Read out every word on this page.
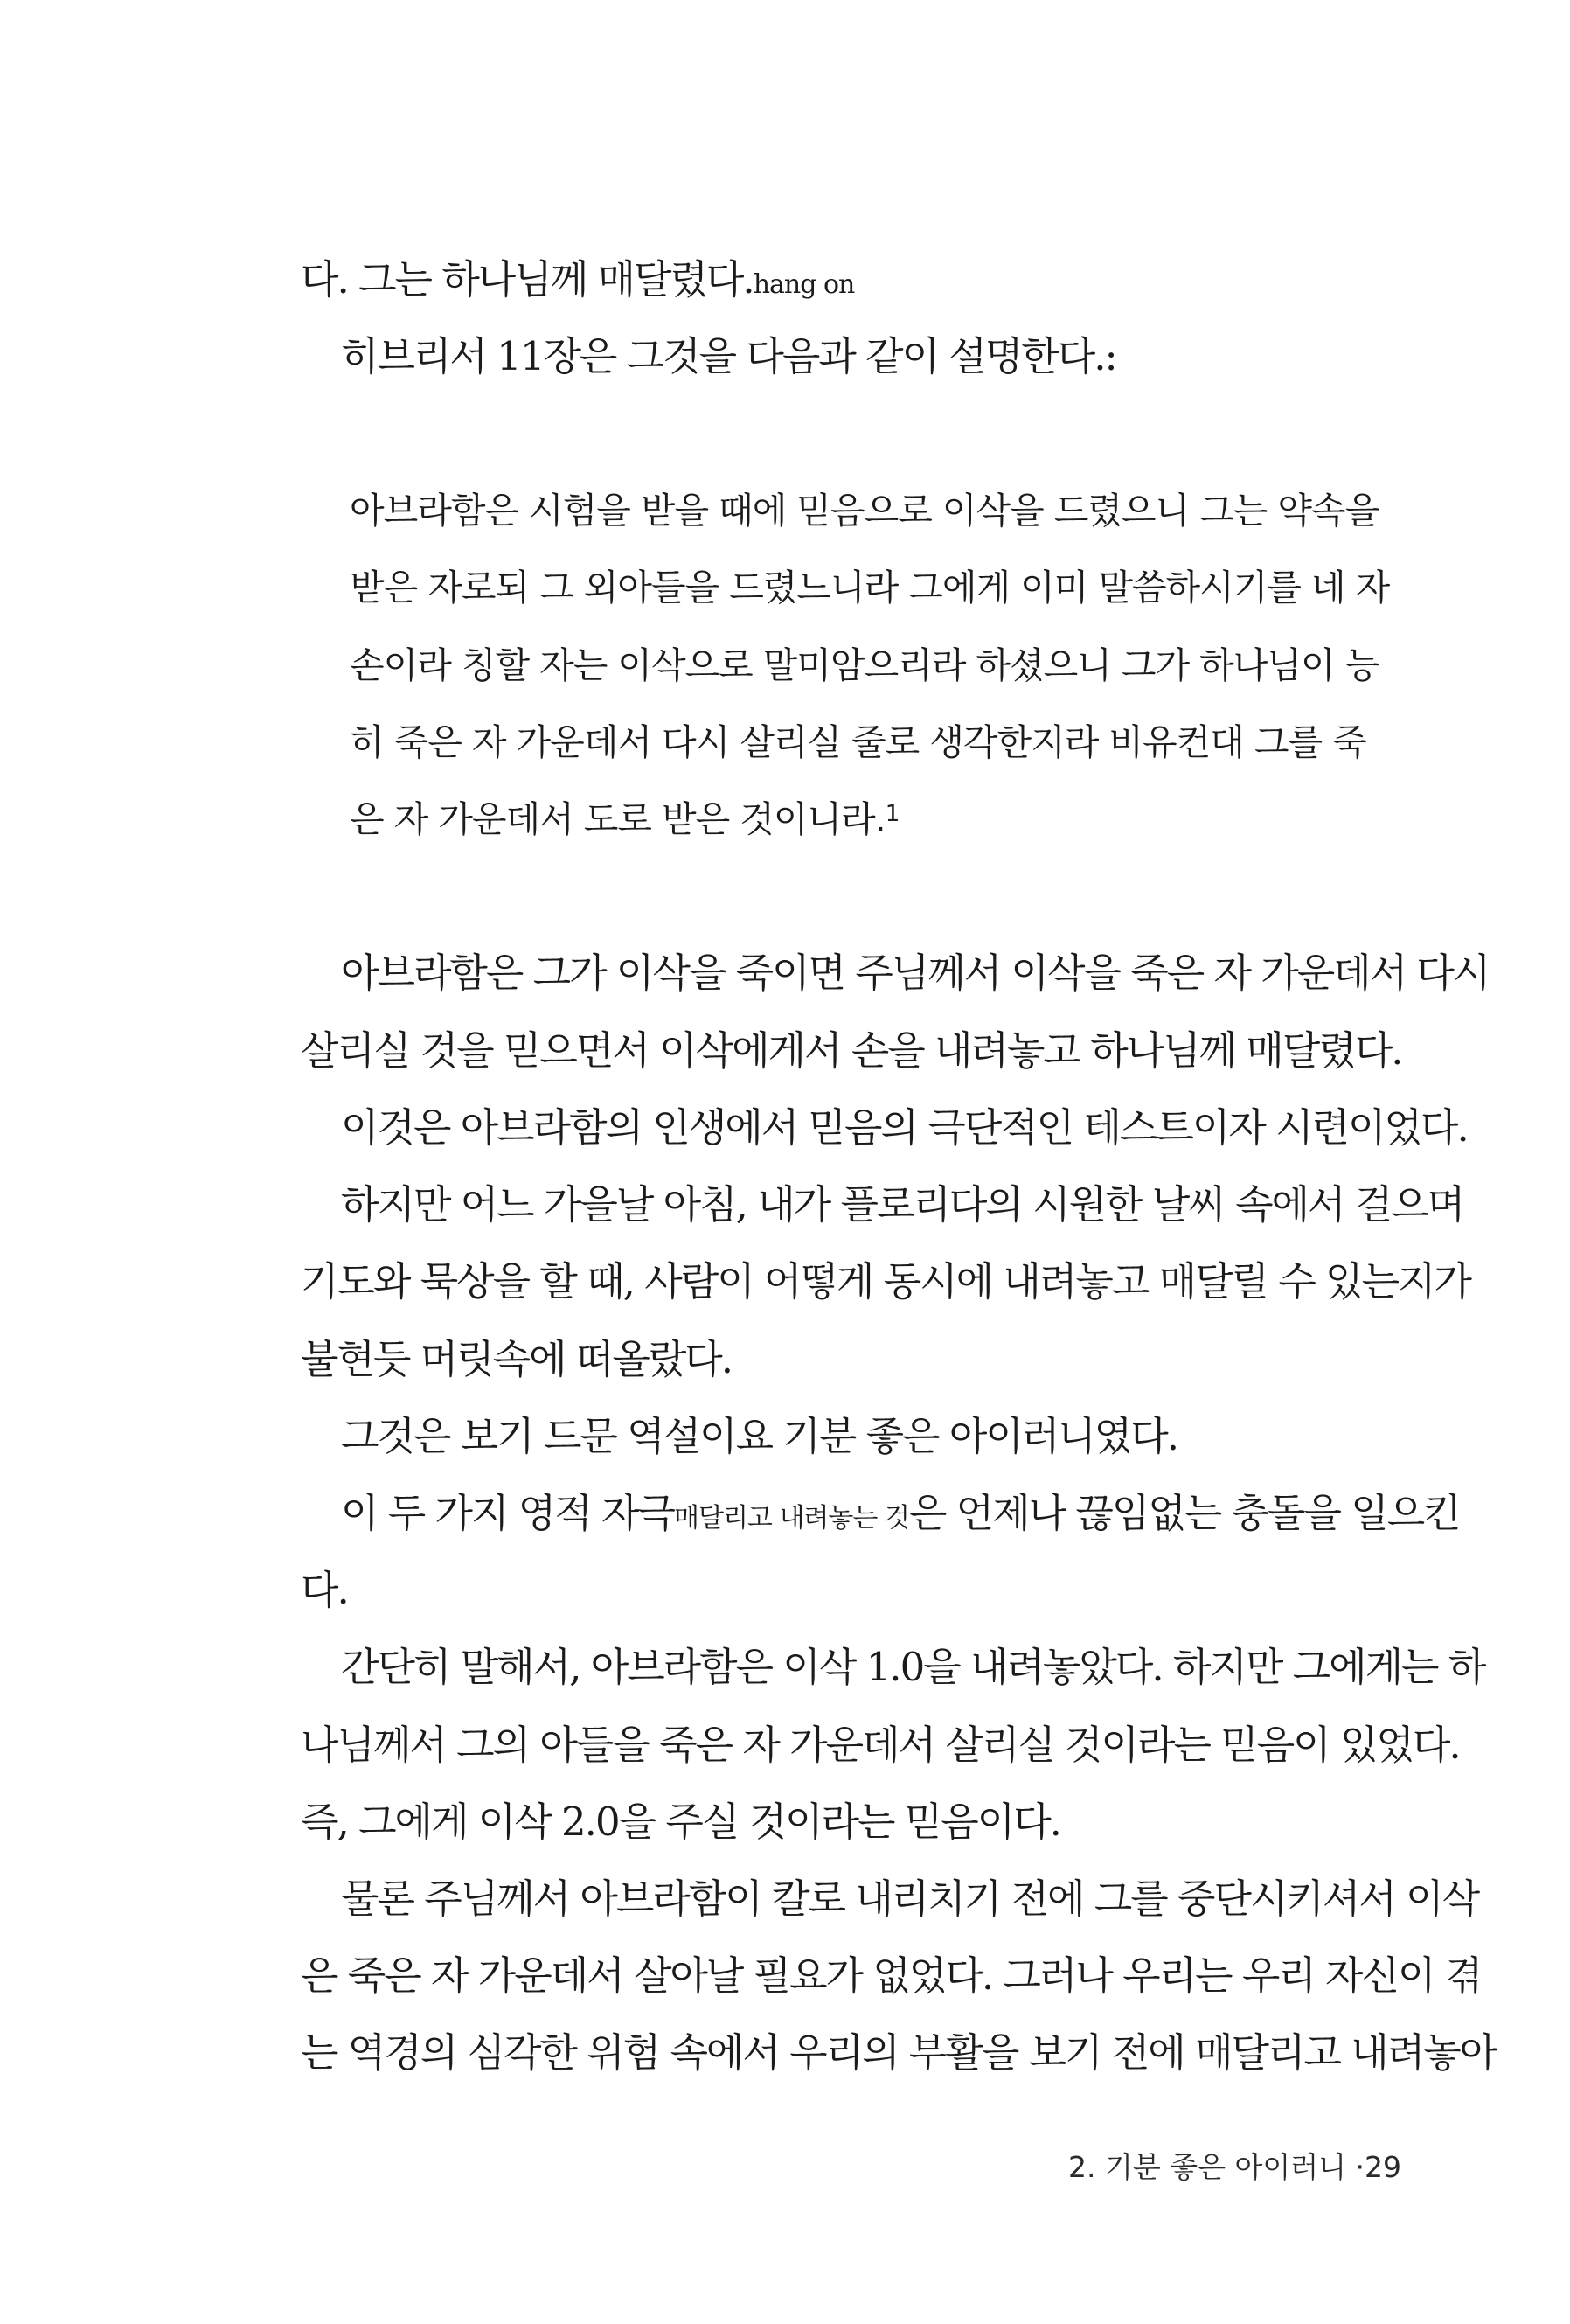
다. 그는 하나님께 매달렸다.hang on
히브리서 11장은 그것을 다음과 같이 설명한다.:
아브라함은 시험을 받을 때에 믿음으로 이삭을 드렸으니 그는 약속을
받은 자로되 그 외아들을 드렸느니라 그에게 이미 말씀하시기를 네 자
손이라 칭할 자는 이삭으로 말미암으리라 하셨으니 그가 하나님이 능
히 죽은 자 가운데서 다시 살리실 줄로 생각한지라 비유컨대 그를 죽
은 자 가운데서 도로 받은 것이니라.$^1$
아브라함은 그가 이삭을 죽이면 주님께서 이삭을 죽은 자 가운데서 다시
살리실 것을 믿으면서 이삭에게서 손을 내려놓고 하나님께 매달렸다.
이것은 아브라함의 인생에서 믿음의 극단적인 테스트이자 시련이었다.
하지만 어느 가을날 아침, 내가 플로리다의 시원한 날씨 속에서 걸으며
기도와 묵상을 할 때, 사람이 어떻게 동시에 내려놓고 매달릴 수 있는지가
불현듯 머릿속에 떠올랐다.
그것은 보기 드문 역설이요 기분 좋은 아이러니였다.
이 두 가지 영적 자극매달리고 내려놓는 것은 언제나 끊임없는 충돌을 일으킨
다.
간단히 말해서, 아브라함은 이삭 1.0을 내려놓았다. 하지만 그에게는 하
나님께서 그의 아들을 죽은 자 가운데서 살리실 것이라는 믿음이 있었다.
즉, 그에게 이삭 2.0을 주실 것이라는 믿음이다.
물론 주님께서 아브라함이 칼로 내리치기 전에 그를 중단시키셔서 이삭
은 죽은 자 가운데서 살아날 필요가 없었다. 그러나 우리는 우리 자신이 겪
는 역경의 심각한 위험 속에서 우리의 부활을 보기 전에 매달리고 내려놓아
2. 기분 좋은 아이러니 ·29
